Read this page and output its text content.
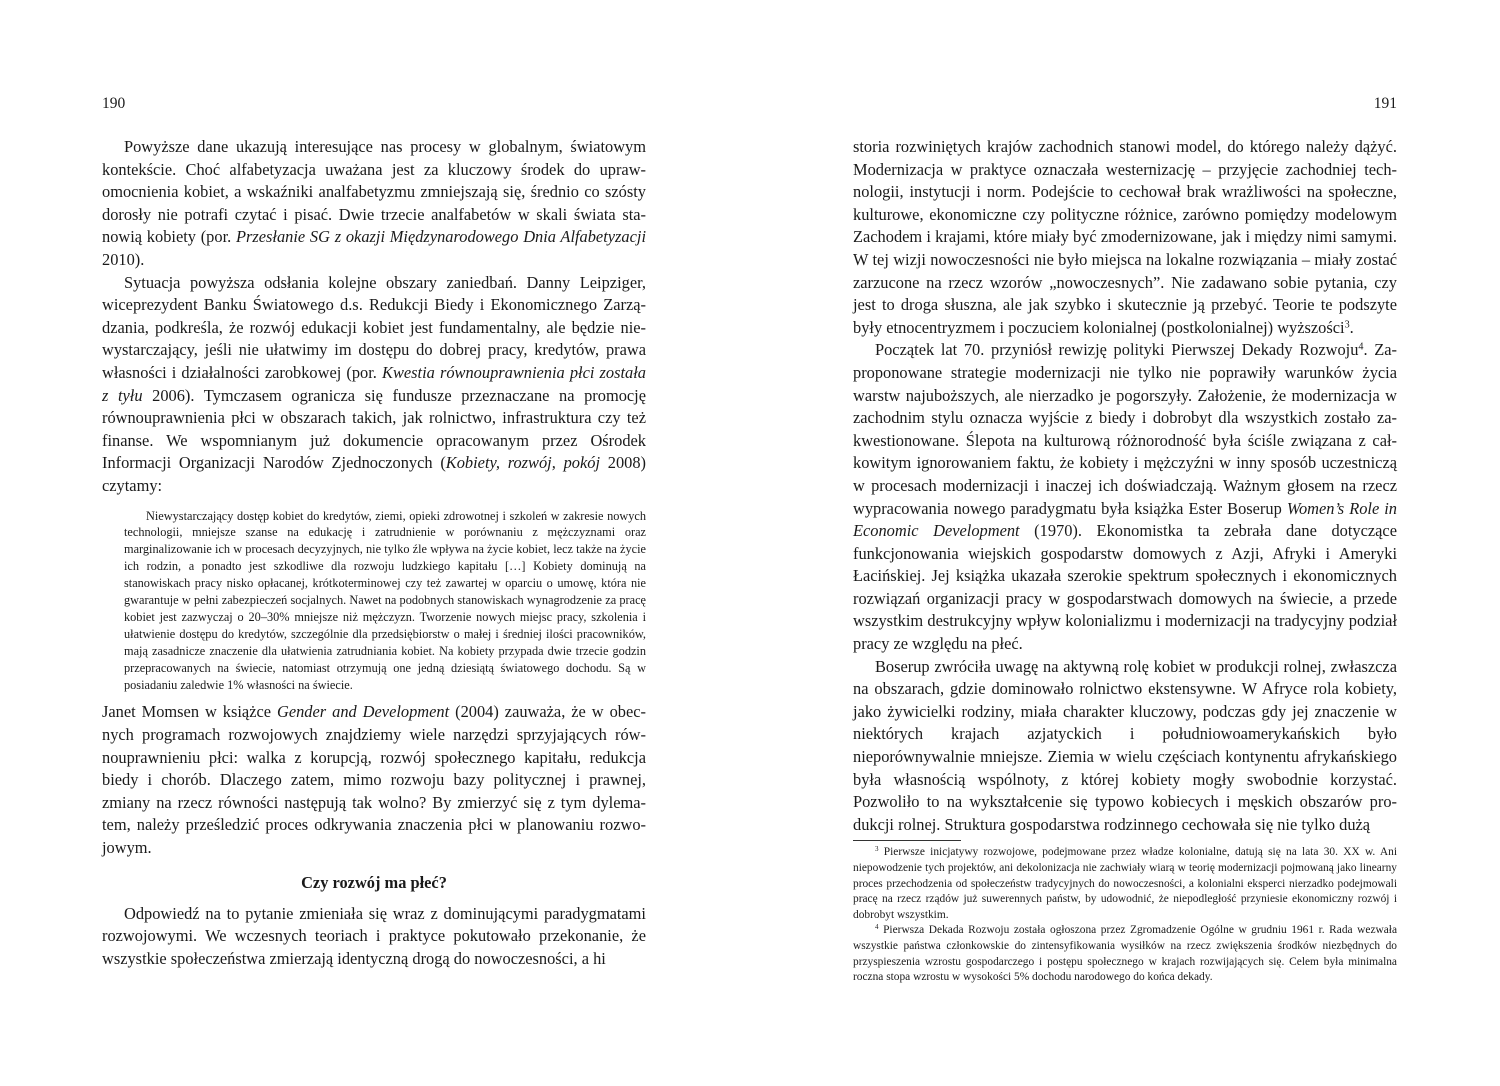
190

Powyższe dane ukazują interesujące nas procesy w globalnym, światowym kontekście. Choć alfabetyzacja uważana jest za kluczowy środek do uprawomocnienia kobiet, a wskaźniki analfabetyzmu zmniejszają się, średnio co szósty dorosły nie potrafi czytać i pisać. Dwie trzecie analfabetów w skali świata stanowią kobiety (por. Przesłanie SG z okazji Międzynarodowego Dnia Alfabetyzacji 2010).

Sytuacja powyższa odsłania kolejne obszary zaniedbań. Danny Leipziger, wiceprezydent Banku Światowego d.s. Redukcji Biedy i Ekonomicznego Zarządzania, podkreśla, że rozwój edukacji kobiet jest fundamentalny, ale będzie niewystarczający, jeśli nie ułatwimy im dostępu do dobrej pracy, kredytów, prawa własności i działalności zarobkowej (por. Kwestia równouprawnienia płci została z tyłu 2006). Tymczasem ogranicza się fundusze przeznaczane na promocję równouprawnienia płci w obszarach takich, jak rolnictwo, infrastruktura czy też finanse. We wspomnianym już dokumencie opracowanym przez Ośrodek Informacji Organizacji Narodów Zjednoczonych (Kobiety, rozwój, pokój 2008) czytamy:

Niewystarczający dostęp kobiet do kredytów, ziemi, opieki zdrowotnej i szkoleń w zakresie nowych technologii, mniejsze szanse na edukację i zatrudnienie w porównaniu z mężczyznami oraz marginalizowanie ich w procesach decyzyjnych, nie tylko źle wpływa na życie kobiet, lecz także na życie ich rodzin, a ponadto jest szkodliwe dla rozwoju ludzkiego kapitału […] Kobiety dominują na stanowiskach pracy nisko opłacanej, krótkoterminowej czy też zawartej w oparciu o umowę, która nie gwarantuje w pełni zabezpieczeń socjalnych. Nawet na podobnych stanowiskach wynagrodzenie za pracę kobiet jest zazwyczaj o 20–30% mniejsze niż mężczyzn. Tworzenie nowych miejsc pracy, szkolenia i ułatwienie dostępu do kredytów, szczególnie dla przedsiębiorstw o małej i średniej ilości pracowników, mają zasadnicze znaczenie dla ułatwienia zatrudniania kobiet. Na kobiety przypada dwie trzecie godzin przepracowanych na świecie, natomiast otrzymują one jedną dziesiątą światowego dochodu. Są w posiadaniu zaledwie 1% własności na świecie.

Janet Momsen w książce Gender and Development (2004) zauważa, że w obecnych programach rozwojowych znajdziemy wiele narzędzi sprzyjających równouprawnieniu płci: walka z korupcją, rozwój społecznego kapitału, redukcja biedy i chorób. Dlaczego zatem, mimo rozwoju bazy politycznej i prawnej, zmiany na rzecz równości następują tak wolno? By zmierzyć się z tym dylematem, należy prześledzić proces odkrywania znaczenia płci w planowaniu rozwojowym.

Czy rozwój ma płeć?

Odpowiedź na to pytanie zmieniała się wraz z dominującymi paradygmatami rozwojowymi. We wczesnych teoriach i praktyce pokutowało przekonanie, że wszystkie społeczeństwa zmierzają identyczną drogą do nowoczesności, a hi

191

storia rozwiniętych krajów zachodnich stanowi model, do którego należy dążyć. Modernizacja w praktyce oznaczała westernizację – przyjęcie zachodniej technologii, instytucji i norm. Podejście to cechował brak wrażliwości na społeczne, kulturowe, ekonomiczne czy polityczne różnice, zarówno pomiędzy modelowym Zachodem i krajami, które miały być zmodernizowane, jak i między nimi samymi. W tej wizji nowoczesności nie było miejsca na lokalne rozwiązania – miały zostać zarzucone na rzecz wzorów „nowoczesnych”. Nie zadawano sobie pytania, czy jest to droga słuszna, ale jak szybko i skutecznie ją przebyć. Teorie te podszyte były etnocentryzmem i poczuciem kolonialnej (postkolonialnej) wyższości$^3$.

Początek lat 70. przyniósł rewizję polityki Pierwszej Dekady Rozwoju$^4$. Zaproponowane strategie modernizacji nie tylko nie poprawiły warunków życia warstw najuboższych, ale nierzadko je pogorszyły. Założenie, że modernizacja w zachodnim stylu oznacza wyjście z biedy i dobrobyt dla wszystkich zostało zakwestionowane. Ślepota na kulturową różnorodność była ściśle związana z całkowitym ignorowaniem faktu, że kobiety i mężczyźni w inny sposób uczestniczą w procesach modernizacji i inaczej ich doświadczają. Ważnym głosem na rzecz wypracowania nowego paradygmatu była książka Ester Boserup Women’s Role in Economic Development (1970). Ekonomistka ta zebrała dane dotyczące funkcjonowania wiejskich gospodarstw domowych z Azji, Afryki i Ameryki Łacińskiej. Jej książka ukazała szerokie spektrum społecznych i ekonomicznych rozwiązań organizacji pracy w gospodarstwach domowych na świecie, a przede wszystkim destrukcyjny wpływ kolonializmu i modernizacji na tradycyjny podział pracy ze względu na płeć.

Boserup zwróciła uwagę na aktywną rolę kobiet w produkcji rolnej, zwłaszcza na obszarach, gdzie dominowało rolnictwo ekstensywne. W Afryce rola kobiety, jako żywicielki rodziny, miała charakter kluczowy, podczas gdy jej znaczenie w niektórych krajach azjatyckich i południowoamerykańskich było nieporównywalnie mniejsze. Ziemia w wielu częściach kontynentu afrykańskiego była własnością wspólnoty, z której kobiety mogły swobodnie korzystać. Pozwoliło to na wykształcenie się typowo kobiecych i męskich obszarów produkcji rolnej. Struktura gospodarstwa rodzinnego cechowała się nie tylko dużą

$^3$ Pierwsze inicjatywy rozwojowe, podejmowane przez władze kolonialne, datują się na lata 30. XX w. Ani niepowodzenie tych projektów, ani dekolonizacja nie zachwiały wiarą w teorię modernizacji pojmowaną jako linearny proces przechodzenia od społeczeństw tradycyjnych do nowoczesności, a kolonialni eksperci nierzadko podejmowali pracę na rzecz rządów już suwerennych państw, by udowodnić, że niepodległość przyniesie ekonomiczny rozwój i dobrobyt wszystkim.

$^4$ Pierwsza Dekada Rozwoju została ogłoszona przez Zgromadzenie Ogólne w grudniu 1961 r. Rada wezwała wszystkie państwa członkowskie do zintensyfikowania wysiłków na rzecz zwiększenia środków niezbędnych do przyspieszenia wzrostu gospodarczego i postępu społecznego w krajach rozwijających się. Celem była minimalna roczna stopa wzrostu w wysokości 5% dochodu narodowego do końca dekady.
